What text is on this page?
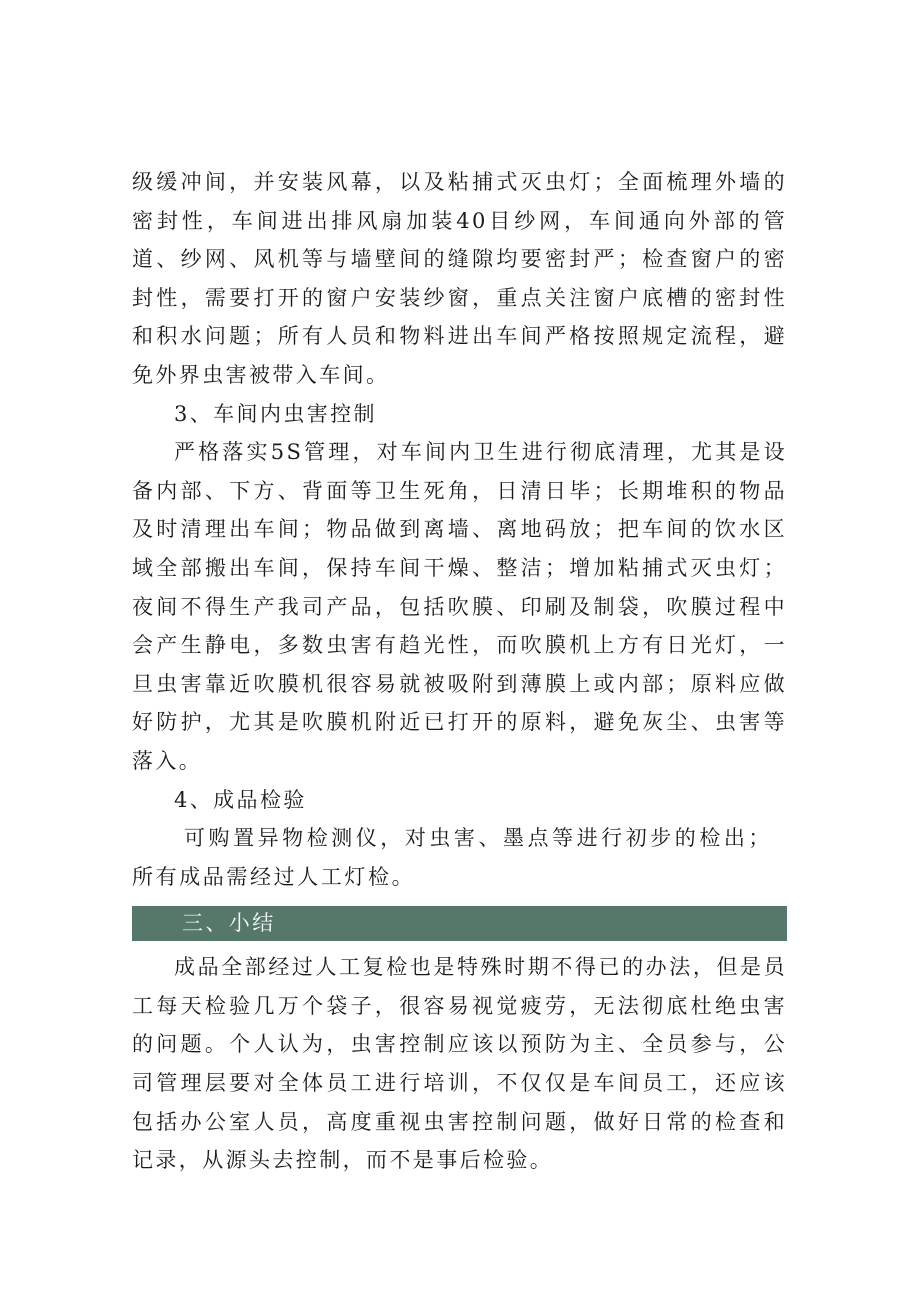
级缓冲间，并安装风幕，以及粘捕式灭虫灯；全面梳理外墙的密封性，车间进出排风扇加装40目纱网，车间通向外部的管道、纱网、风机等与墙壁间的缝隙均要密封严；检查窗户的密封性，需要打开的窗户安装纱窗，重点关注窗户底槽的密封性和积水问题；所有人员和物料进出车间严格按照规定流程，避免外界虫害被带入车间。

3、车间内虫害控制

严格落实5S管理，对车间内卫生进行彻底清理，尤其是设备内部、下方、背面等卫生死角，日清日毕；长期堆积的物品及时清理出车间；物品做到离墙、离地码放；把车间的饮水区域全部搬出车间，保持车间干燥、整洁；增加粘捕式灭虫灯；夜间不得生产我司产品，包括吹膜、印刷及制袋，吹膜过程中会产生静电，多数虫害有趋光性，而吹膜机上方有日光灯，一旦虫害靠近吹膜机很容易就被吸附到薄膜上或内部；原料应做好防护，尤其是吹膜机附近已打开的原料，避免灰尘、虫害等落入。

4、成品检验

可购置异物检测仪，对虫害、墨点等进行初步的检出；所有成品需经过人工灯检。

三、小结

成品全部经过人工复检也是特殊时期不得已的办法，但是员工每天检验几万个袋子，很容易视觉疲劳，无法彻底杜绝虫害的问题。个人认为，虫害控制应该以预防为主、全员参与，公司管理层要对全体员工进行培训，不仅仅是车间员工，还应该包括办公室人员，高度重视虫害控制问题，做好日常的检查和记录，从源头去控制，而不是事后检验。
